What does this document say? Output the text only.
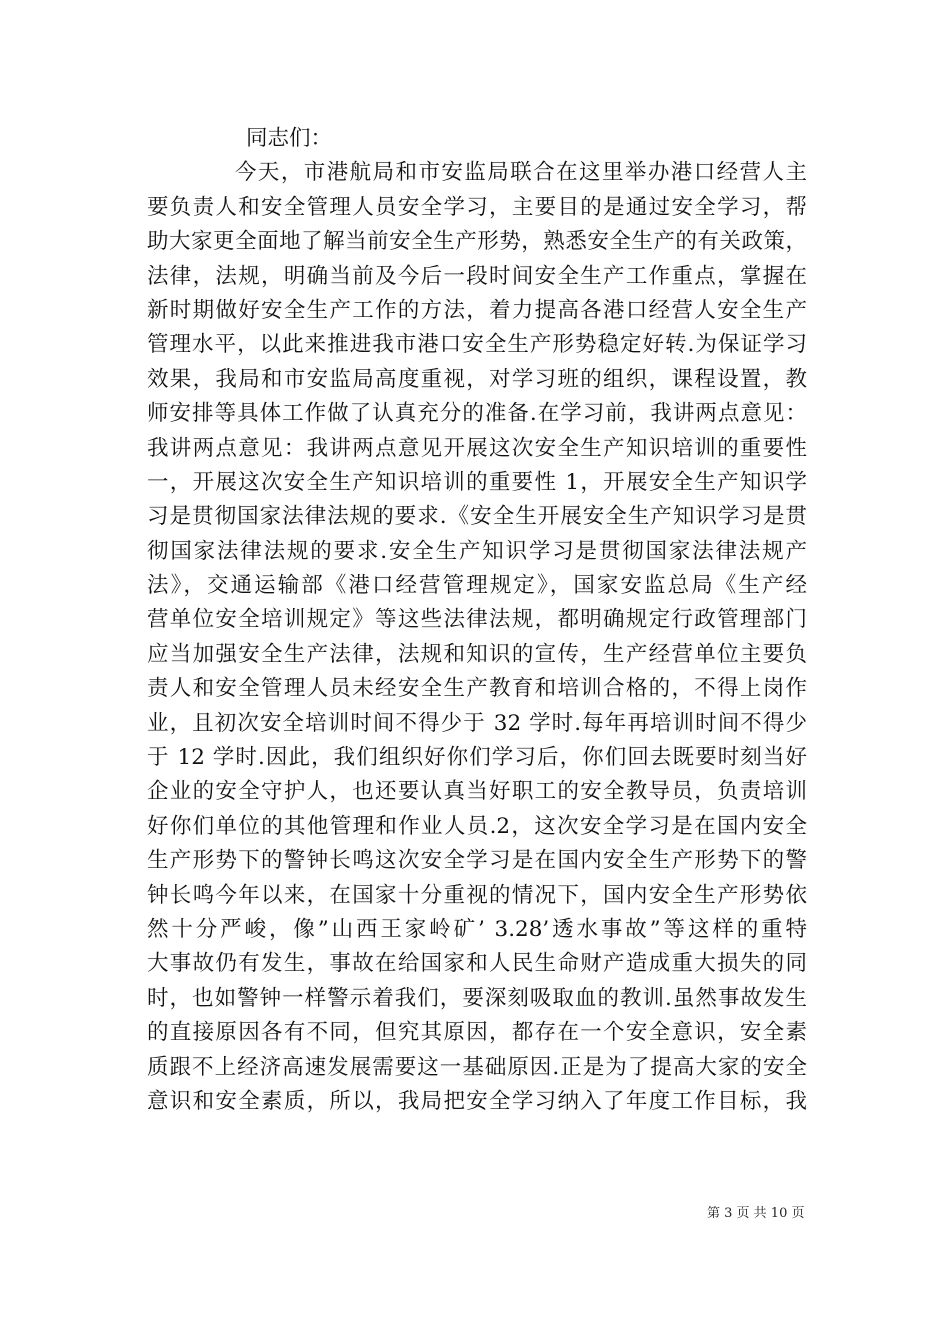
同志们：
今天，市港航局和市安监局联合在这里举办港口经营人主
要负责人和安全管理人员安全学习，主要目的是通过安全学习，帮
助大家更全面地了解当前安全生产形势，熟悉安全生产的有关政策，
法律，法规，明确当前及今后一段时间安全生产工作重点，掌握在
新时期做好安全生产工作的方法，着力提高各港口经营人安全生产
管理水平，以此来推进我市港口安全生产形势稳定好转.为保证学习
效果，我局和市安监局高度重视，对学习班的组织，课程设置，教
师安排等具体工作做了认真充分的准备.在学习前，我讲两点意见：
我讲两点意见：我讲两点意见开展这次安全生产知识培训的重要性
一，开展这次安全生产知识培训的重要性 1，开展安全生产知识学
习是贯彻国家法律法规的要求.《安全生开展安全生产知识学习是贯
彻国家法律法规的要求.安全生产知识学习是贯彻国家法律法规产
法》，交通运输部《港口经营管理规定》，国家安监总局《生产经
营单位安全培训规定》等这些法律法规，都明确规定行政管理部门
应当加强安全生产法律，法规和知识的宣传，生产经营单位主要负
责人和安全管理人员未经安全生产教育和培训合格的，不得上岗作
业，且初次安全培训时间不得少于 32 学时.每年再培训时间不得少
于 12 学时.因此，我们组织好你们学习后，你们回去既要时刻当好
企业的安全守护人，也还要认真当好职工的安全教导员，负责培训
好你们单位的其他管理和作业人员.2，这次安全学习是在国内安全
生产形势下的警钟长鸣这次安全学习是在国内安全生产形势下的警
钟长鸣今年以来，在国家十分重视的情况下，国内安全生产形势依
然十分严峻，像”山西王家岭矿’ 3.28’透水事故”等这样的重特
大事故仍有发生，事故在给国家和人民生命财产造成重大损失的同
时，也如警钟一样警示着我们，要深刻吸取血的教训.虽然事故发生
的直接原因各有不同，但究其原因，都存在一个安全意识，安全素
质跟不上经济高速发展需要这一基础原因.正是为了提高大家的安全
意识和安全素质，所以，我局把安全学习纳入了年度工作目标，我
第 3 页 共 10 页
